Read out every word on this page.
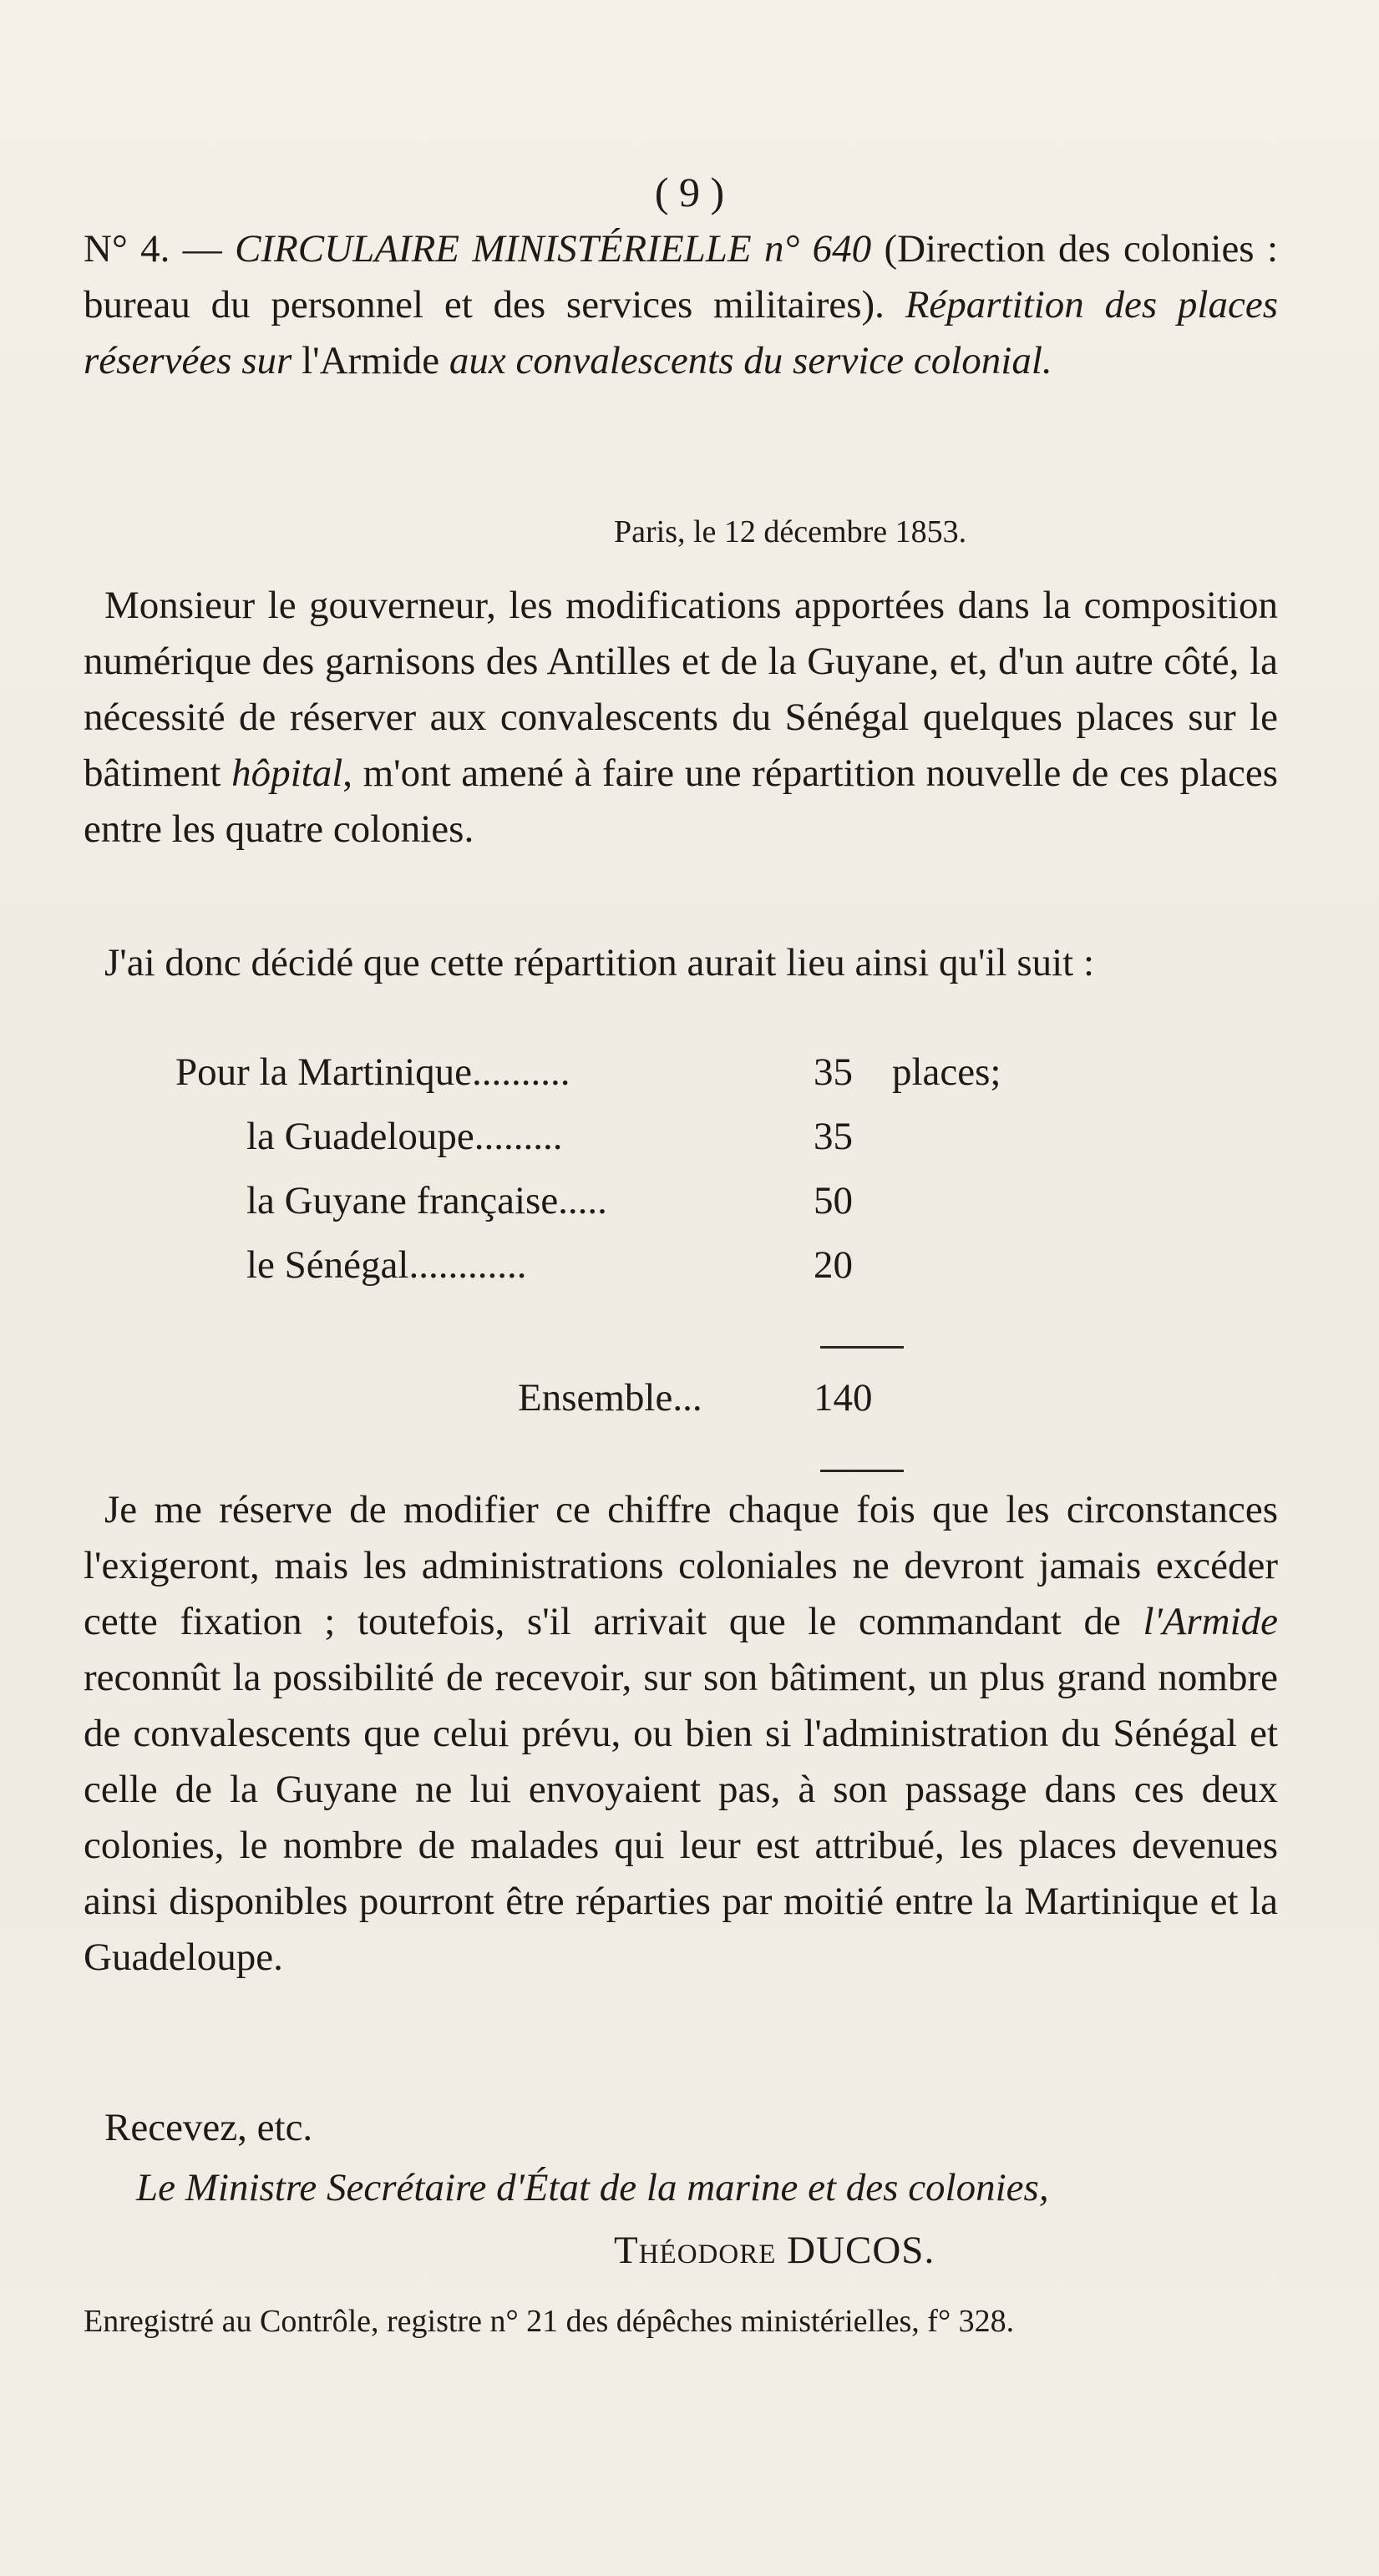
( 9 )
N° 4. — CIRCULAIRE MINISTÉRIELLE n° 640 (Direction des colonies : bureau du personnel et des services militaires). Répartition des places réservées sur l'Armide aux convalescents du service colonial.
Paris, le 12 décembre 1853.
Monsieur le gouverneur, les modifications apportées dans la composition numérique des garnisons des Antilles et de la Guyane, et, d'un autre côté, la nécessité de réserver aux convalescents du Sénégal quelques places sur le bâtiment hôpital, m'ont amené à faire une répartition nouvelle de ces places entre les quatre colonies.
J'ai donc décidé que cette répartition aurait lieu ainsi qu'il suit :
Pour la Martinique..........	35 places;
la Guadeloupe.........	35
la Guyane française.....	50
le Sénégal............	20
Ensemble...	140
Je me réserve de modifier ce chiffre chaque fois que les circonstances l'exigeront, mais les administrations coloniales ne devront jamais excéder cette fixation ; toutefois, s'il arrivait que le commandant de l'Armide reconnût la possibilité de recevoir, sur son bâtiment, un plus grand nombre de convalescents que celui prévu, ou bien si l'administration du Sénégal et celle de la Guyane ne lui envoyaient pas, à son passage dans ces deux colonies, le nombre de malades qui leur est attribué, les places devenues ainsi disponibles pourront être réparties par moitié entre la Martinique et la Guadeloupe.
Recevez, etc.
Le Ministre Secrétaire d'État de la marine et des colonies,
Théodore DUCOS.
Enregistré au Contrôle, registre n° 21 des dépêches ministérielles, f° 328.
